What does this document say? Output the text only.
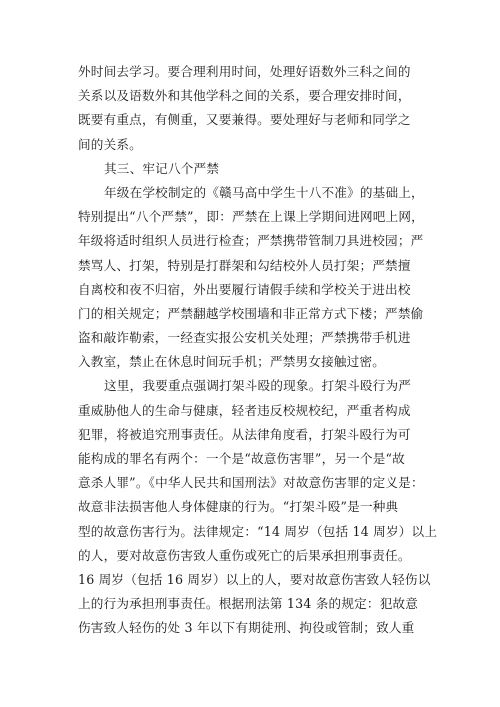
外时间去学习。要合理利用时间，处理好语数外三科之间的
关系以及语数外和其他学科之间的关系，要合理安排时间，
既要有重点，有侧重，又要兼得。要处理好与老师和同学之
间的关系。
其三、牢记八个严禁
年级在学校制定的《赣马高中学生十八不准》的基础上，
特别提出“八个严禁”，即：严禁在上课上学期间进网吧上网，
年级将适时组织人员进行检查；严禁携带管制刀具进校园；严
禁骂人、打架，特别是打群架和勾结校外人员打架；严禁擅
自离校和夜不归宿，外出要履行请假手续和学校关于进出校
门的相关规定；严禁翻越学校围墙和非正常方式下楼；严禁偷
盗和敲诈勒索，一经查实报公安机关处理；严禁携带手机进
入教室，禁止在休息时间玩手机；严禁男女接触过密。
这里，我要重点强调打架斗殴的现象。打架斗殴行为严
重威胁他人的生命与健康，轻者违反校规校纪，严重者构成
犯罪，将被追究刑事责任。从法律角度看，打架斗殴行为可
能构成的罪名有两个：一个是“故意伤害罪”，另一个是“故
意杀人罪”。《中华人民共和国刑法》对故意伤害罪的定义是：
故意非法损害他人身体健康的行为。“打架斗殴”是一种典
型的故意伤害行为。法律规定：“14 周岁（包括 14 周岁）以上
的人，要对故意伤害致人重伤或死亡的后果承担刑事责任。
16 周岁（包括 16 周岁）以上的人，要对故意伤害致人轻伤以
上的行为承担刑事责任。根据刑法第 134 条的规定：犯故意
伤害致人轻伤的处 3 年以下有期徒刑、拘役或管制；致人重
